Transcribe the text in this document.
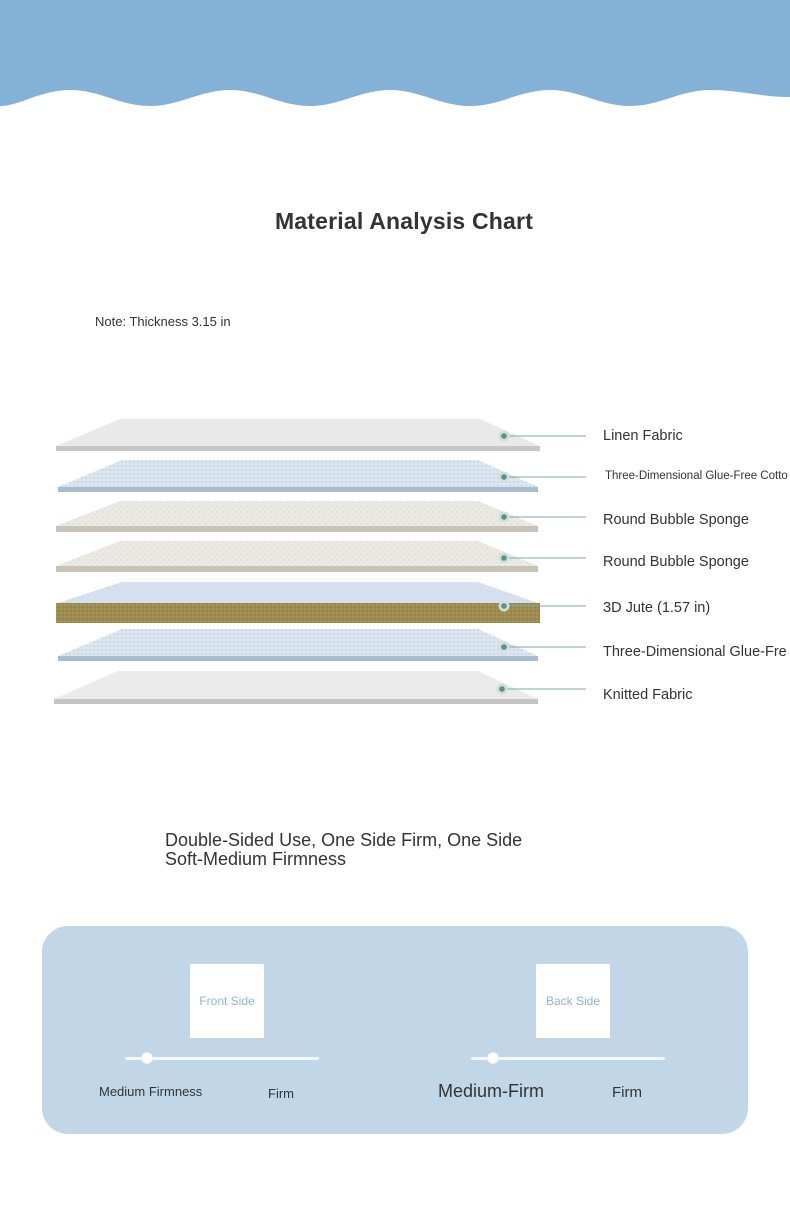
Material Analysis Chart
Note: Thickness 3.15 in
Linen Fabric
Three-Dimensional Glue-Free Cotto
Round Bubble Sponge
Round Bubble Sponge
3D Jute (1.57 in)
Three-Dimensional Glue-Fre
Knitted Fabric
Double-Sided Use, One Side Firm, One Side
Soft-Medium Firmness
Front Side
Medium Firmness	Firm
Back Side
Medium-Firm	Firm
